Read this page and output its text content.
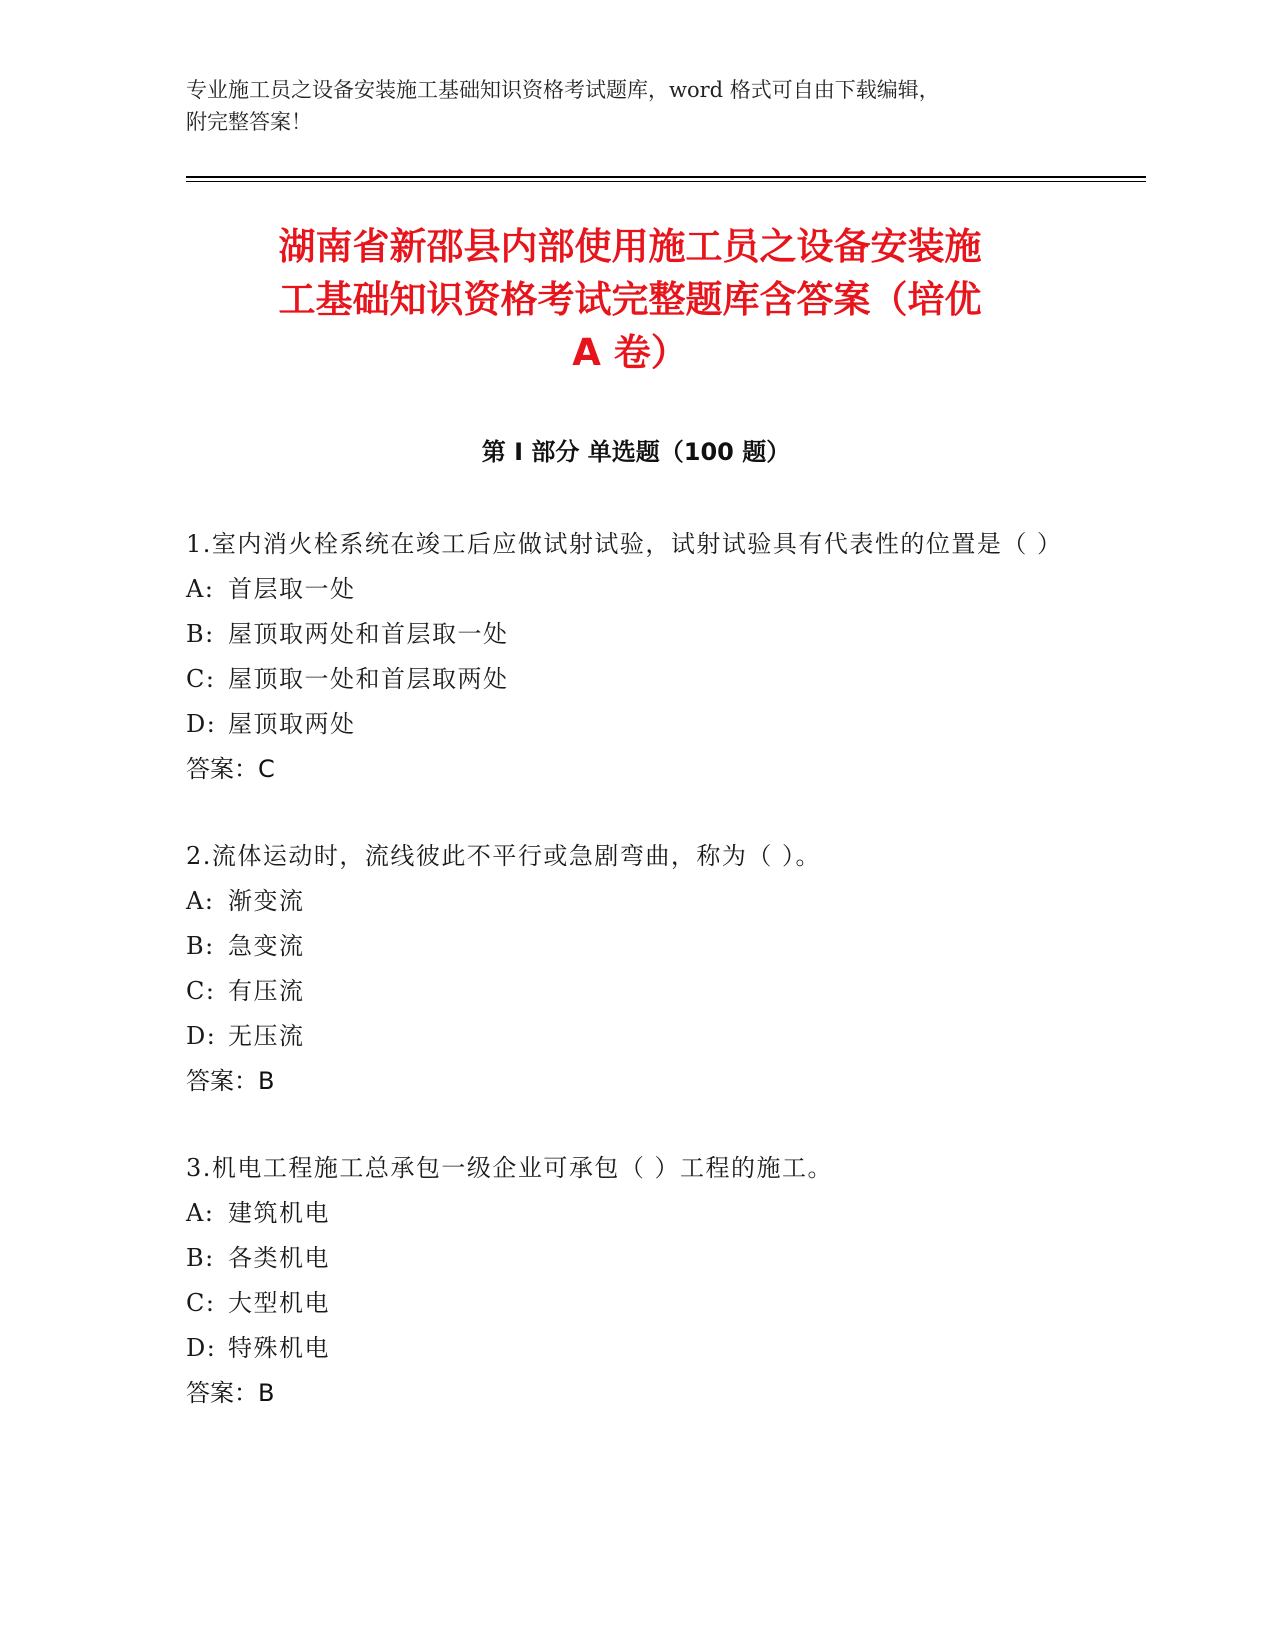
专业施工员之设备安装施工基础知识资格考试题库，word 格式可自由下载编辑，
附完整答案！
湖南省新邵县内部使用施工员之设备安装施
工基础知识资格考试完整题库含答案（培优
A 卷）
第 I 部分 单选题（100 题）
1.室内消火栓系统在竣工后应做试射试验，试射试验具有代表性的位置是（ ）
A: 首层取一处
B: 屋顶取两处和首层取一处
C: 屋顶取一处和首层取两处
D: 屋顶取两处
答案：C
2.流体运动时，流线彼此不平行或急剧弯曲，称为（ ）。
A: 渐变流
B: 急变流
C: 有压流
D: 无压流
答案：B
3.机电工程施工总承包一级企业可承包（ ）工程的施工。
A: 建筑机电
B: 各类机电
C: 大型机电
D: 特殊机电
答案：B
